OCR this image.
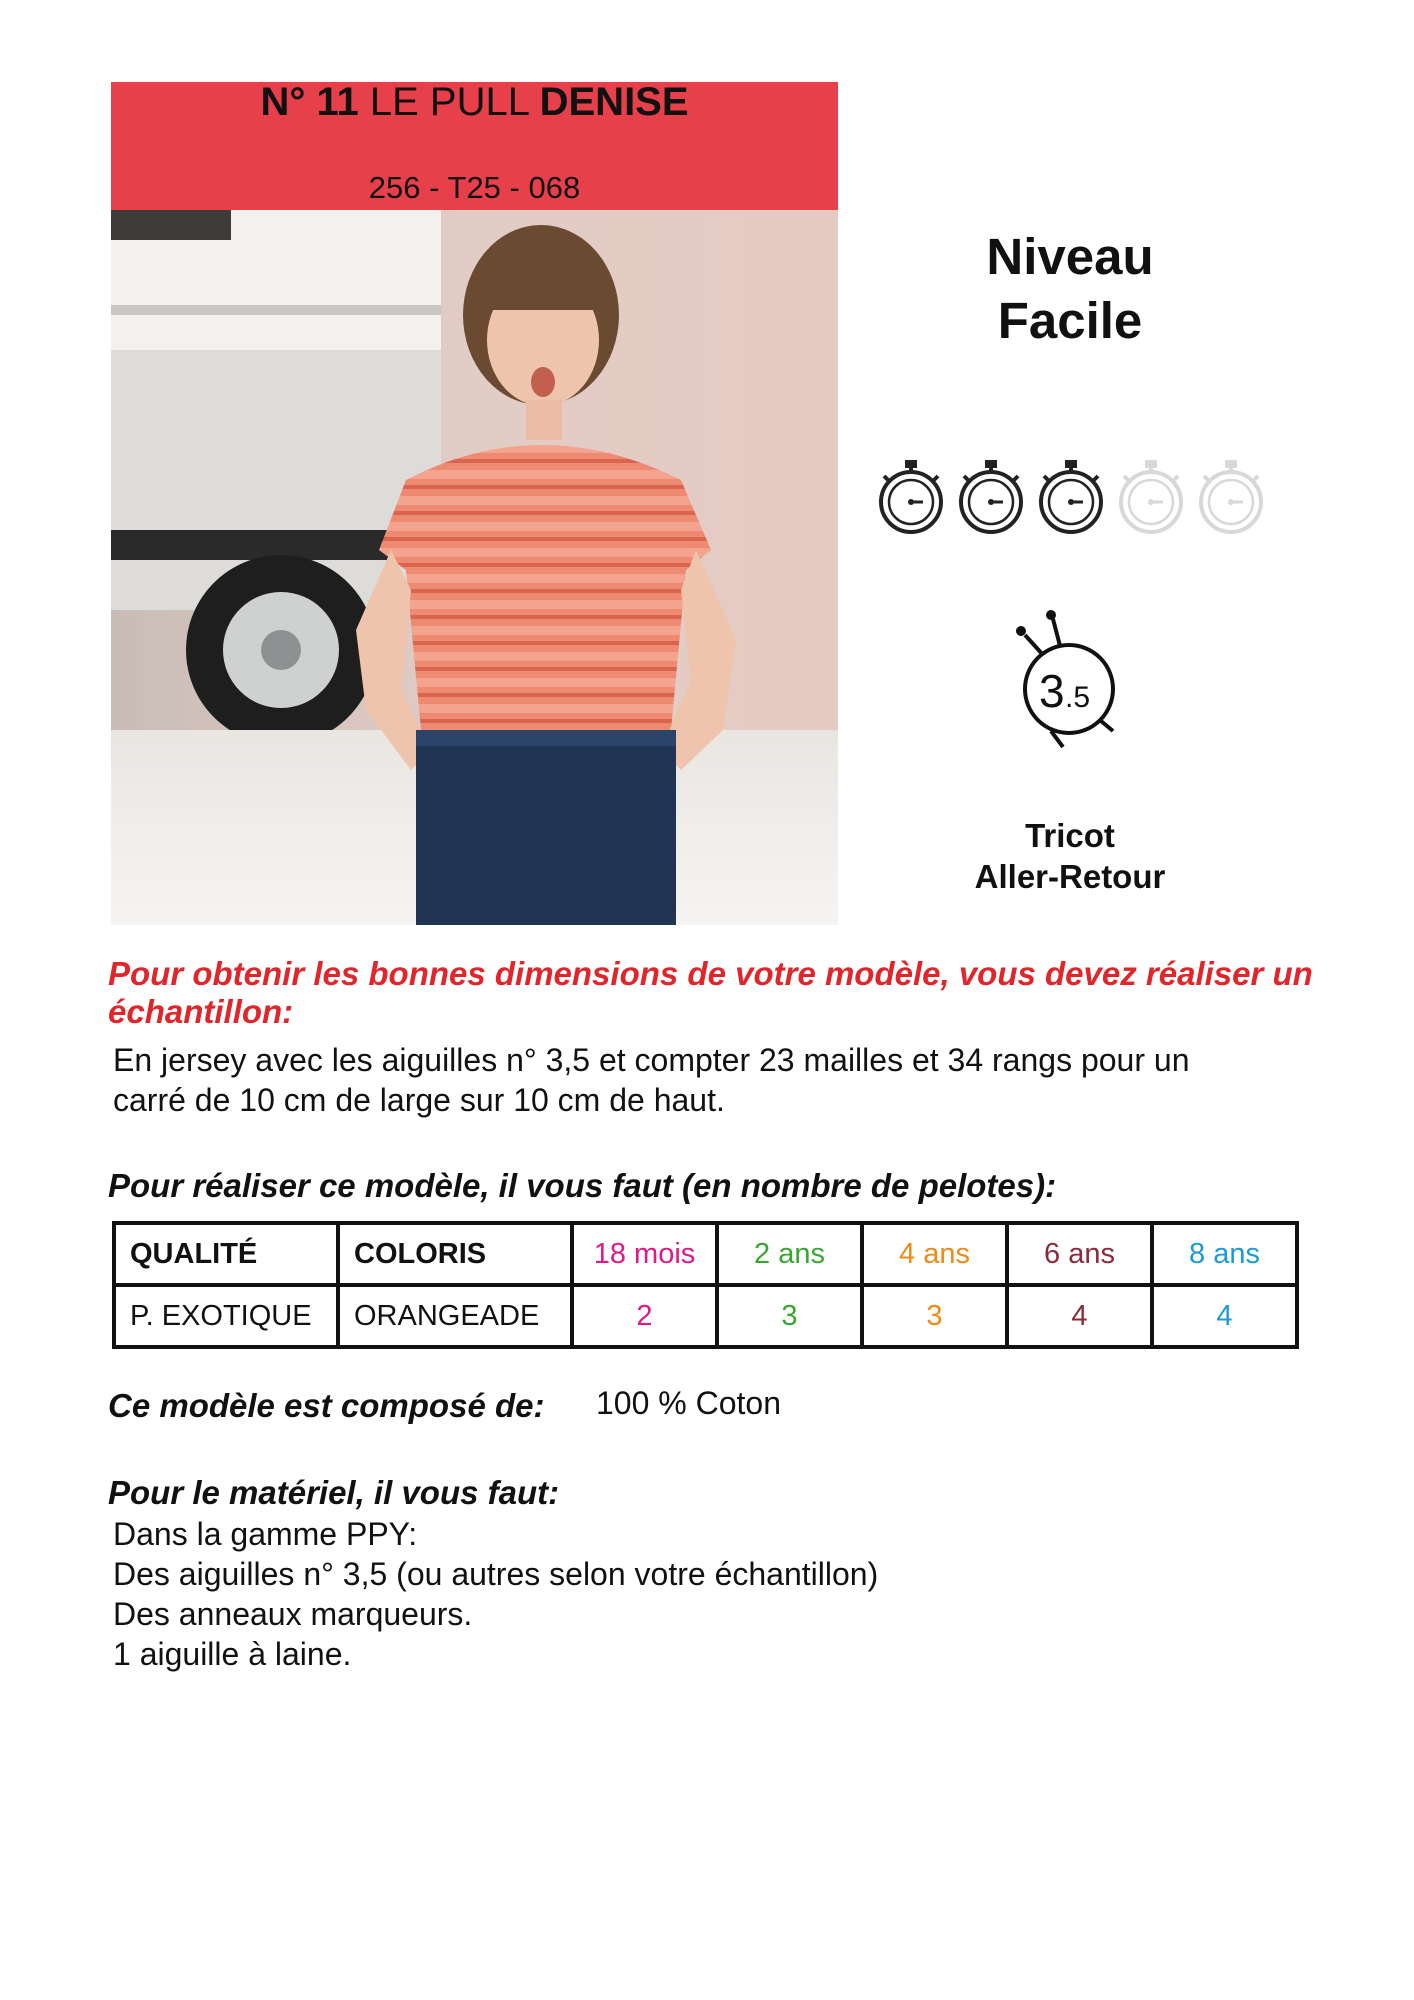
N° 11 LE PULL DENISE
256 - T25 - 068
Niveau
Facile
3 .5
Tricot
Aller-Retour
Pour obtenir les bonnes dimensions de votre modèle, vous devez réaliser un échantillon:
En jersey avec les aiguilles n° 3,5 et compter 23 mailles et 34 rangs pour un
carré de 10 cm de large sur 10 cm de haut.
Pour réaliser ce modèle, il vous faut (en nombre de pelotes):
QUALITÉ	COLORIS	18 mois	2 ans	4 ans	6 ans	8 ans
P. EXOTIQUE	ORANGEADE	2	3	3	4	4
Ce modèle est composé de: 100 % Coton
Pour le matériel, il vous faut:
Dans la gamme PPY:
Des aiguilles n° 3,5 (ou autres selon votre échantillon)
Des anneaux marqueurs.
1 aiguille à laine.
